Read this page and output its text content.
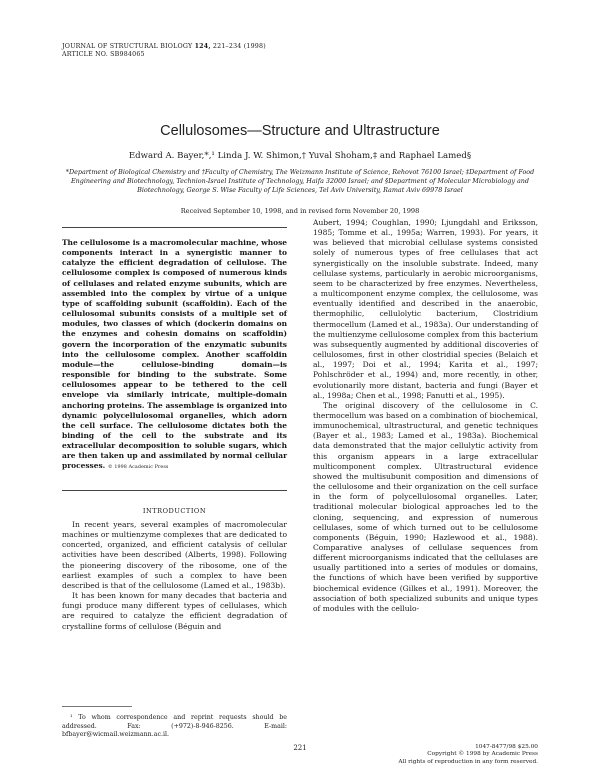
JOURNAL OF STRUCTURAL BIOLOGY 124, 221–234 (1998)
ARTICLE NO. SB984065
Cellulosomes—Structure and Ultrastructure
Edward A. Bayer,*,¹ Linda J. W. Shimon,† Yuval Shoham,‡ and Raphael Lamed§
*Department of Biological Chemistry and †Faculty of Chemistry, The Weizmann Institute of Science, Rehovot 76100 Israel; ‡Department of Food Engineering and Biotechnology, Technion-Israel Institute of Technology, Haifa 32000 Israel; and §Department of Molecular Microbiology and Biotechnology, George S. Wise Faculty of Life Sciences, Tel Aviv University, Ramat Aviv 69978 Israel
Received September 10, 1998, and in revised form November 20, 1998
The cellulosome is a macromolecular machine, whose components interact in a synergistic manner to catalyze the efficient degradation of cellulose. The cellulosome complex is composed of numerous kinds of cellulases and related enzyme subunits, which are assembled into the complex by virtue of a unique type of scaffolding subunit (scaffoldin). Each of the cellulosomal subunits consists of a multiple set of modules, two classes of which (dockerin domains on the enzymes and cohesin domains on scaffoldin) govern the incorporation of the enzymatic subunits into the cellulosome complex. Another scaffoldin module—the cellulose-binding domain—is responsible for binding to the substrate. Some cellulosomes appear to be tethered to the cell envelope via similarly intricate, multiple-domain anchoring proteins. The assemblage is organized into dynamic polycellulosomal organelles, which adorn the cell surface. The cellulosome dictates both the binding of the cell to the substrate and its extracellular decomposition to soluble sugars, which are then taken up and assimilated by normal cellular processes. © 1998 Academic Press
INTRODUCTION

In recent years, several examples of macromolecular machines or multienzyme complexes that are dedicated to concerted, organized, and efficient catalysis of cellular activities have been described (Alberts, 1998). Following the pioneering discovery of the ribosome, one of the earliest examples of such a complex to have been described is that of the cellulosome (Lamed et al., 1983b).

It has been known for many decades that bacteria and fungi produce many different types of cellulases, which are required to catalyze the efficient degradation of crystalline forms of cellulose (Béguin and

¹ To whom correspondence and reprint requests should be addressed. Fax: (+972)-8-946-8256. E-mail: bfbayer@wicmail.weizmann.ac.il.

Aubert, 1994; Coughlan, 1990; Ljungdahl and Eriksson, 1985; Tomme et al., 1995a; Warren, 1993). For years, it was believed that microbial cellulase systems consisted solely of numerous types of free cellulases that act synergistically on the insoluble substrate. Indeed, many cellulase systems, particularly in aerobic microorganisms, seem to be characterized by free enzymes. Nevertheless, a multicomponent enzyme complex, the cellulosome, was eventually identified and described in the anaerobic, thermophilic, cellulolytic bacterium, Clostridium thermocellum (Lamed et al., 1983a). Our understanding of the multienzyme cellulosome complex from this bacterium was subsequently augmented by additional discoveries of cellulosomes, first in other clostridial species (Belaich et al., 1997; Doi et al., 1994; Karita et al., 1997; Pohlschröder et al., 1994) and, more recently, in other, evolutionarily more distant, bacteria and fungi (Bayer et al., 1998a; Chen et al., 1998; Fanutti et al., 1995).

The original discovery of the cellulosome in C. thermocellum was based on a combination of biochemical, immunochemical, ultrastructural, and genetic techniques (Bayer et al., 1983; Lamed et al., 1983a). Biochemical data demonstrated that the major cellulytic activity from this organism appears in a large extracellular multicomponent complex. Ultrastructural evidence showed the multisubunit composition and dimensions of the cellulosome and their organization on the cell surface in the form of polycellulosomal organelles. Later, traditional molecular biological approaches led to the cloning, sequencing, and expression of numerous cellulases, some of which turned out to be cellulosome components (Béguin, 1990; Hazlewood et al., 1988). Comparative analyses of cellulase sequences from different microorganisms indicated that the cellulases are usually partitioned into a series of modules or domains, the functions of which have been verified by supportive biochemical evidence (Gilkes et al., 1991). Moreover, the association of both specialized subunits and unique types of modules with the cellulo-

221	1047-8477/98 $25.00
Copyright © 1998 by Academic Press
All rights of reproduction in any form reserved.
